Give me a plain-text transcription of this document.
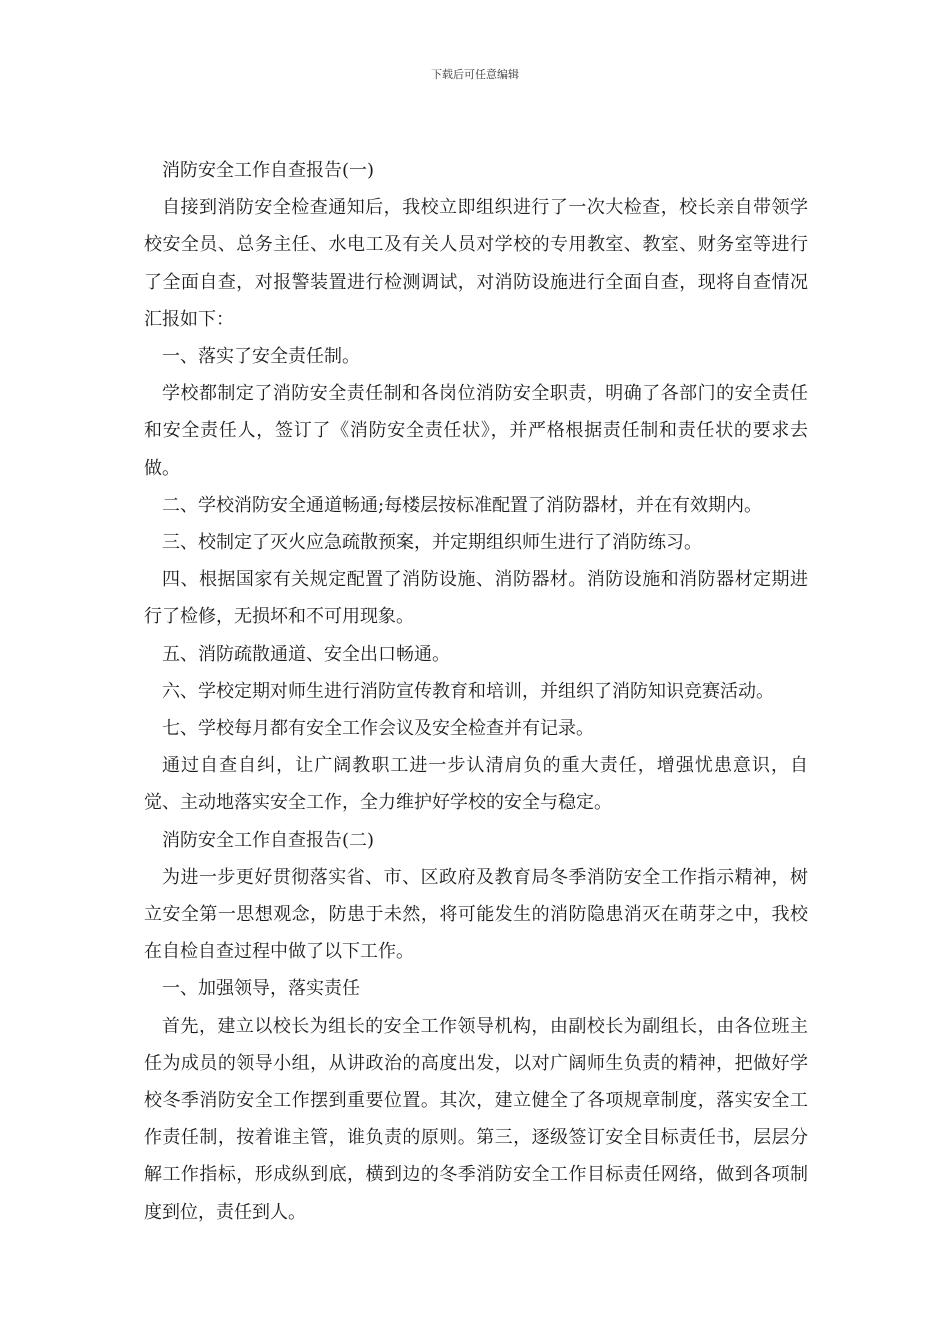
下载后可任意编辑

消防安全工作自查报告(一)

自接到消防安全检查通知后，我校立即组织进行了一次大检查，校长亲自带领学校安全员、总务主任、水电工及有关人员对学校的专用教室、教室、财务室等进行了全面自查，对报警装置进行检测调试，对消防设施进行全面自查，现将自查情况汇报如下：

一、落实了安全责任制。

学校都制定了消防安全责任制和各岗位消防安全职责，明确了各部门的安全责任和安全责任人，签订了《消防安全责任状》，并严格根据责任制和责任状的要求去做。

二、学校消防安全通道畅通;每楼层按标准配置了消防器材，并在有效期内。

三、校制定了灭火应急疏散预案，并定期组织师生进行了消防练习。

四、根据国家有关规定配置了消防设施、消防器材。消防设施和消防器材定期进行了检修，无损坏和不可用现象。

五、消防疏散通道、安全出口畅通。

六、学校定期对师生进行消防宣传教育和培训，并组织了消防知识竞赛活动。

七、学校每月都有安全工作会议及安全检查并有记录。

通过自查自纠，让广阔教职工进一步认清肩负的重大责任，增强忧患意识，自觉、主动地落实安全工作，全力维护好学校的安全与稳定。

消防安全工作自查报告(二)

为进一步更好贯彻落实省、市、区政府及教育局冬季消防安全工作指示精神，树立安全第一思想观念，防患于未然，将可能发生的消防隐患消灭在萌芽之中，我校在自检自查过程中做了以下工作。

一、加强领导，落实责任

首先，建立以校长为组长的安全工作领导机构，由副校长为副组长，由各位班主任为成员的领导小组，从讲政治的高度出发，以对广阔师生负责的精神，把做好学校冬季消防安全工作摆到重要位置。其次，建立健全了各项规章制度，落实安全工作责任制，按着谁主管，谁负责的原则。第三，逐级签订安全目标责任书，层层分解工作指标，形成纵到底，横到边的冬季消防安全工作目标责任网络，做到各项制度到位，责任到人。
